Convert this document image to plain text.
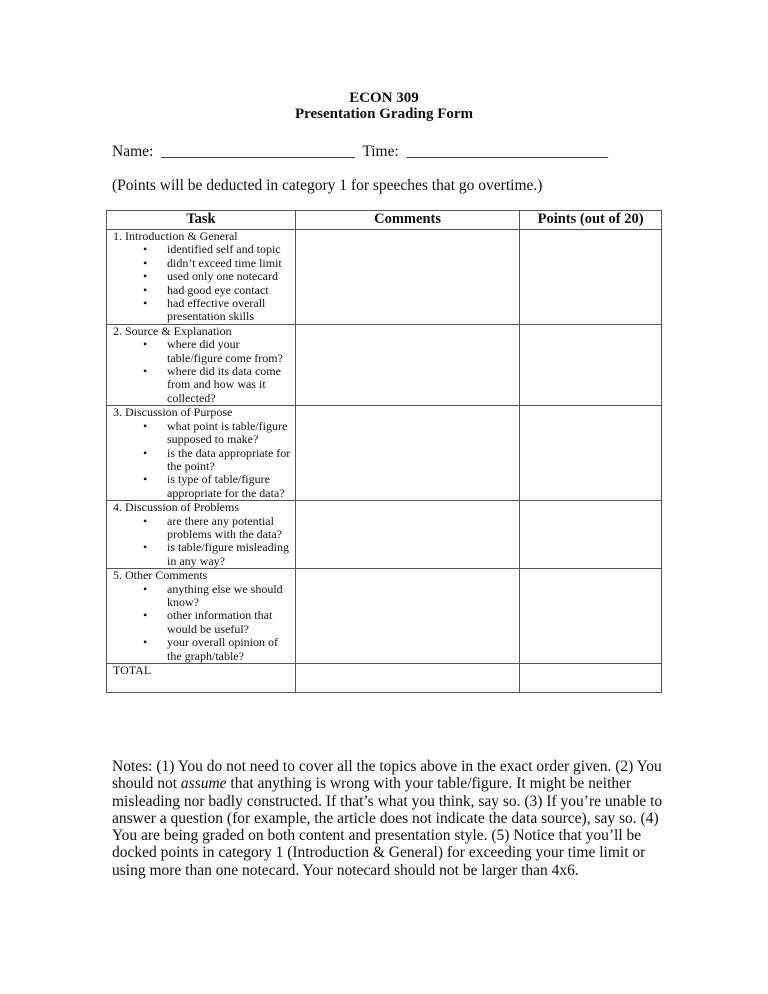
ECON 309
Presentation Grading Form
Name: _________________________ Time: __________________________
(Points will be deducted in category 1 for speeches that go overtime.)
Task	Comments	Points (out of 20)

1. Introduction & General
• identified self and topic
• didn’t exceed time limit
• used only one notecard
• had good eye contact
• had effective overall presentation skills

2. Source & Explanation
• where did your table/figure come from?
• where did its data come from and how was it collected?

3. Discussion of Purpose
• what point is table/figure supposed to make?
• is the data appropriate for the point?
• is type of table/figure appropriate for the data?

4. Discussion of Problems
• are there any potential problems with the data?
• is table/figure misleading in any way?

5. Other Comments
• anything else we should know?
• other information that would be useful?
• your overall opinion of the graph/table?

TOTAL		
Notes: (1) You do not need to cover all the topics above in the exact order given. (2) You should not assume that anything is wrong with your table/figure. It might be neither misleading nor badly constructed. If that’s what you think, say so. (3) If you’re unable to answer a question (for example, the article does not indicate the data source), say so. (4) You are being graded on both content and presentation style. (5) Notice that you’ll be docked points in category 1 (Introduction & General) for exceeding your time limit or using more than one notecard. Your notecard should not be larger than 4x6.
